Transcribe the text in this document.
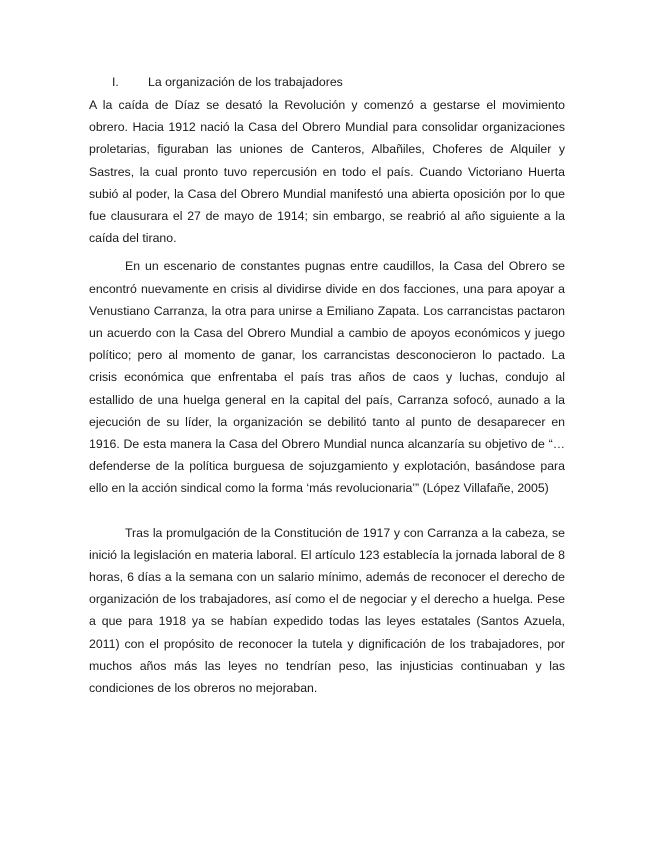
I.	La organización de los trabajadores

A la caída de Díaz se desató la Revolución y comenzó a gestarse el movimiento obrero. Hacia 1912 nació la Casa del Obrero Mundial para consolidar organizaciones proletarias, figuraban las uniones de Canteros, Albañiles, Choferes de Alquiler y Sastres, la cual pronto tuvo repercusión en todo el país. Cuando Victoriano Huerta subió al poder, la Casa del Obrero Mundial manifestó una abierta oposición por lo que fue clausurara el 27 de mayo de 1914; sin embargo, se reabrió al año siguiente a la caída del tirano.

En un escenario de constantes pugnas entre caudillos, la Casa del Obrero se encontró nuevamente en crisis al dividirse divide en dos facciones, una para apoyar a Venustiano Carranza, la otra para unirse a Emiliano Zapata. Los carrancistas pactaron un acuerdo con la Casa del Obrero Mundial a cambio de apoyos económicos y juego político; pero al momento de ganar, los carrancistas desconocieron lo pactado. La crisis económica que enfrentaba el país tras años de caos y luchas, condujo al estallido de una huelga general en la capital del país, Carranza sofocó, aunado a la ejecución de su líder, la organización se debilitó tanto al punto de desaparecer en 1916. De esta manera la Casa del Obrero Mundial nunca alcanzaría su objetivo de “…defenderse de la política burguesa de sojuzgamiento y explotación, basándose para ello en la acción sindical como la forma ‘más revolucionaria’” (López Villafañe, 2005)

Tras la promulgación de la Constitución de 1917 y con Carranza a la cabeza, se inició la legislación en materia laboral. El artículo 123 establecía la jornada laboral de 8 horas, 6 días a la semana con un salario mínimo, además de reconocer el derecho de organización de los trabajadores, así como el de negociar y el derecho a huelga. Pese a que para 1918 ya se habían expedido todas las leyes estatales (Santos Azuela, 2011) con el propósito de reconocer la tutela y dignificación de los trabajadores, por muchos años más las leyes no tendrían peso, las injusticias continuaban y las condiciones de los obreros no mejoraban.
